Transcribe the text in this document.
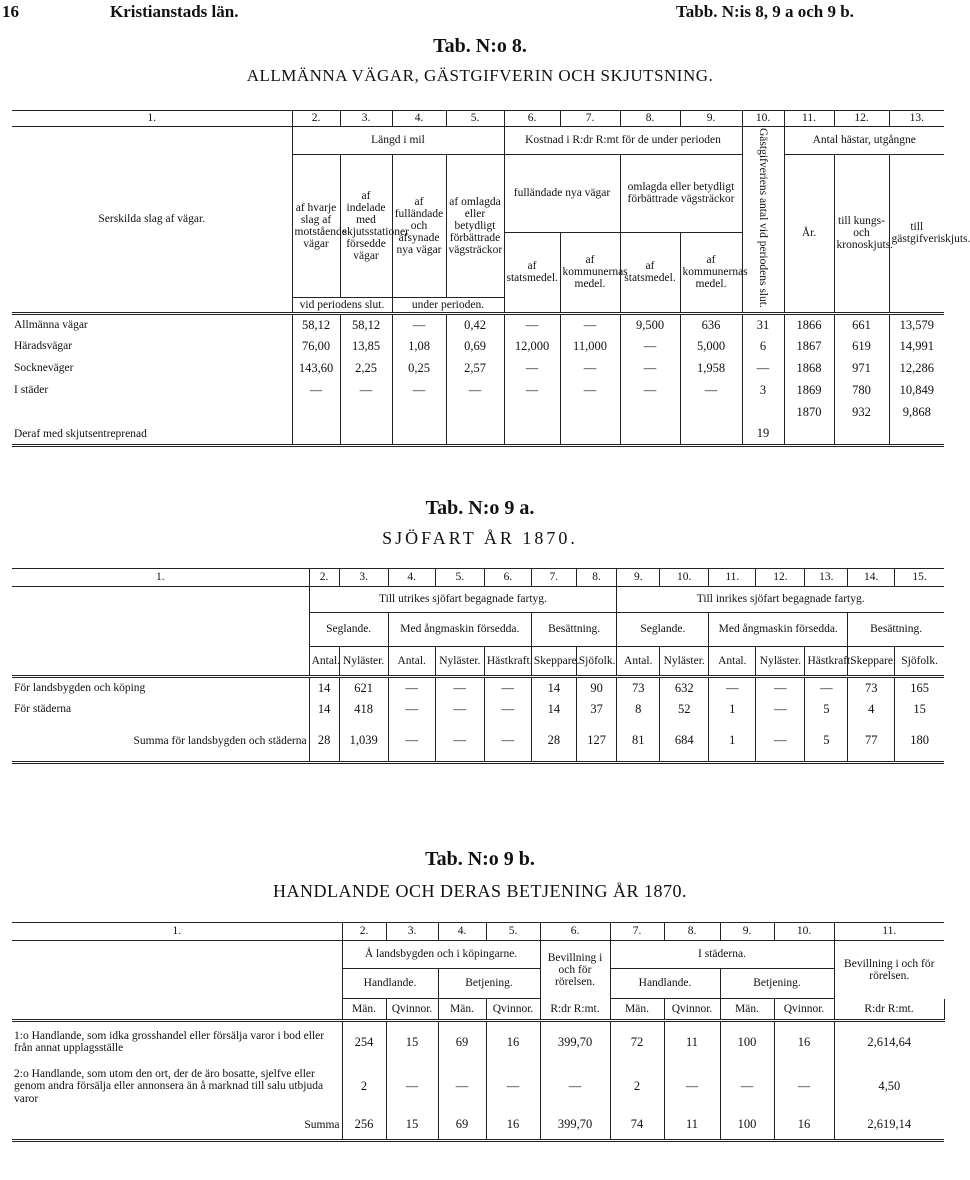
16	Kristianstads län.	Tabb. N:is 8, 9 a och 9 b.
Tab. N:o 8.
ALLMÄNNA VÄGAR, GÄSTGIFVERIN OCH SKJUTSNING.
1.	2.	3.	4.	5.	6.	7.	8.	9.	10.	11.	12.	13.
Serskilda slag af vägar.	Längd i mil				Kostnad i R:dr R:mt för de under perioden				Gästgifveriens antal vid periodens slut.	Antal hästar, utgångne		
	af hvarje slag af motstående vägar	af indelade med skjutsstationer försedde vägar	af fulländade och afsynade nya vägar	af omlagda eller betydligt förbättrade vägsträckor	fulländade nya vägar		omlagda eller betydligt förbättrade vägsträckor			År.	till kungs- och kronoskjuts.	till gästgifveriskjuts.
					af statsmedel.	af kommunernas medel.	af statsmedel.	af kommunernas medel.				
	vid periodens slut.		under perioden.									
Allmänna vägar	58,12	58,12	—	0,42	—	—	9,500	636	31	1866	661	13,579
Häradsvägar	76,00	13,85	1,08	0,69	12,000	11,000	—	5,000	6	1867	619	14,991
Sockneväger	143,60	2,25	0,25	2,57	—	—	—	1,958	—	1868	971	12,286
I städer	—	—	—	—	—	—	—	—	3	1869	780	10,849
										1870	932	9,868
Deraf med skjutsentreprenad									19			
Tab. N:o 9 a.
SJÖFART ÅR 1870.
1.	2.	3.	4.	5.	6.	7.	8.	9.	10.	11.	12.	13.	14.	15.
	Till utrikes sjöfart begagnade fartyg.							Till inrikes sjöfart begagnade fartyg.						
	Seglande.		Med ångmaskin försedda.			Besättning.		Seglande.		Med ångmaskin försedda.			Besättning.	
	Antal.	Nyläster.	Antal.	Nyläster.	Hästkraft.	Skeppare.	Sjöfolk.	Antal.	Nyläster.	Antal.	Nyläster.	Hästkraft.	Skeppare.	Sjöfolk.
För landsbygden och köping	14	621	—	—	—	14	90	73	632	—	—	—	73	165
För städerna	14	418	—	—	—	14	37	8	52	1	—	5	4	15
Summa för landsbygden och städerna	28	1,039	—	—	—	28	127	81	684	1	—	5	77	180
Tab. N:o 9 b.
HANDLANDE OCH DERAS BETJENING ÅR 1870.
1.	2.	3.	4.	5.	6.	7.	8.	9.	10.	11.
	Å landsbygden och i köpingarne.				Bevillning i och för rörelsen.	I städerna.				Bevillning i och för rörelsen.
	Handlande.		Betjening.			Handlande.		Betjening.		
	Män.	Qvinnor.	Män.	Qvinnor.	R:dr R:mt.	Män.	Qvinnor.	Män.	Qvinnor.	R:dr R:mt.
1:o Handlande, som idka grosshandel eller försälja varor i bod eller från annat upplagsställe	254	15	69	16	399,70	72	11	100	16	2,614,64
2:o Handlande, som utom den ort, der de äro bosatte, sjelfve eller genom andra försälja eller annonsera än å marknad till salu utbjuda varor	2	—	—	—	—	2	—	—	—	4,50
Summa	256	15	69	16	399,70	74	11	100	16	2,619,14
